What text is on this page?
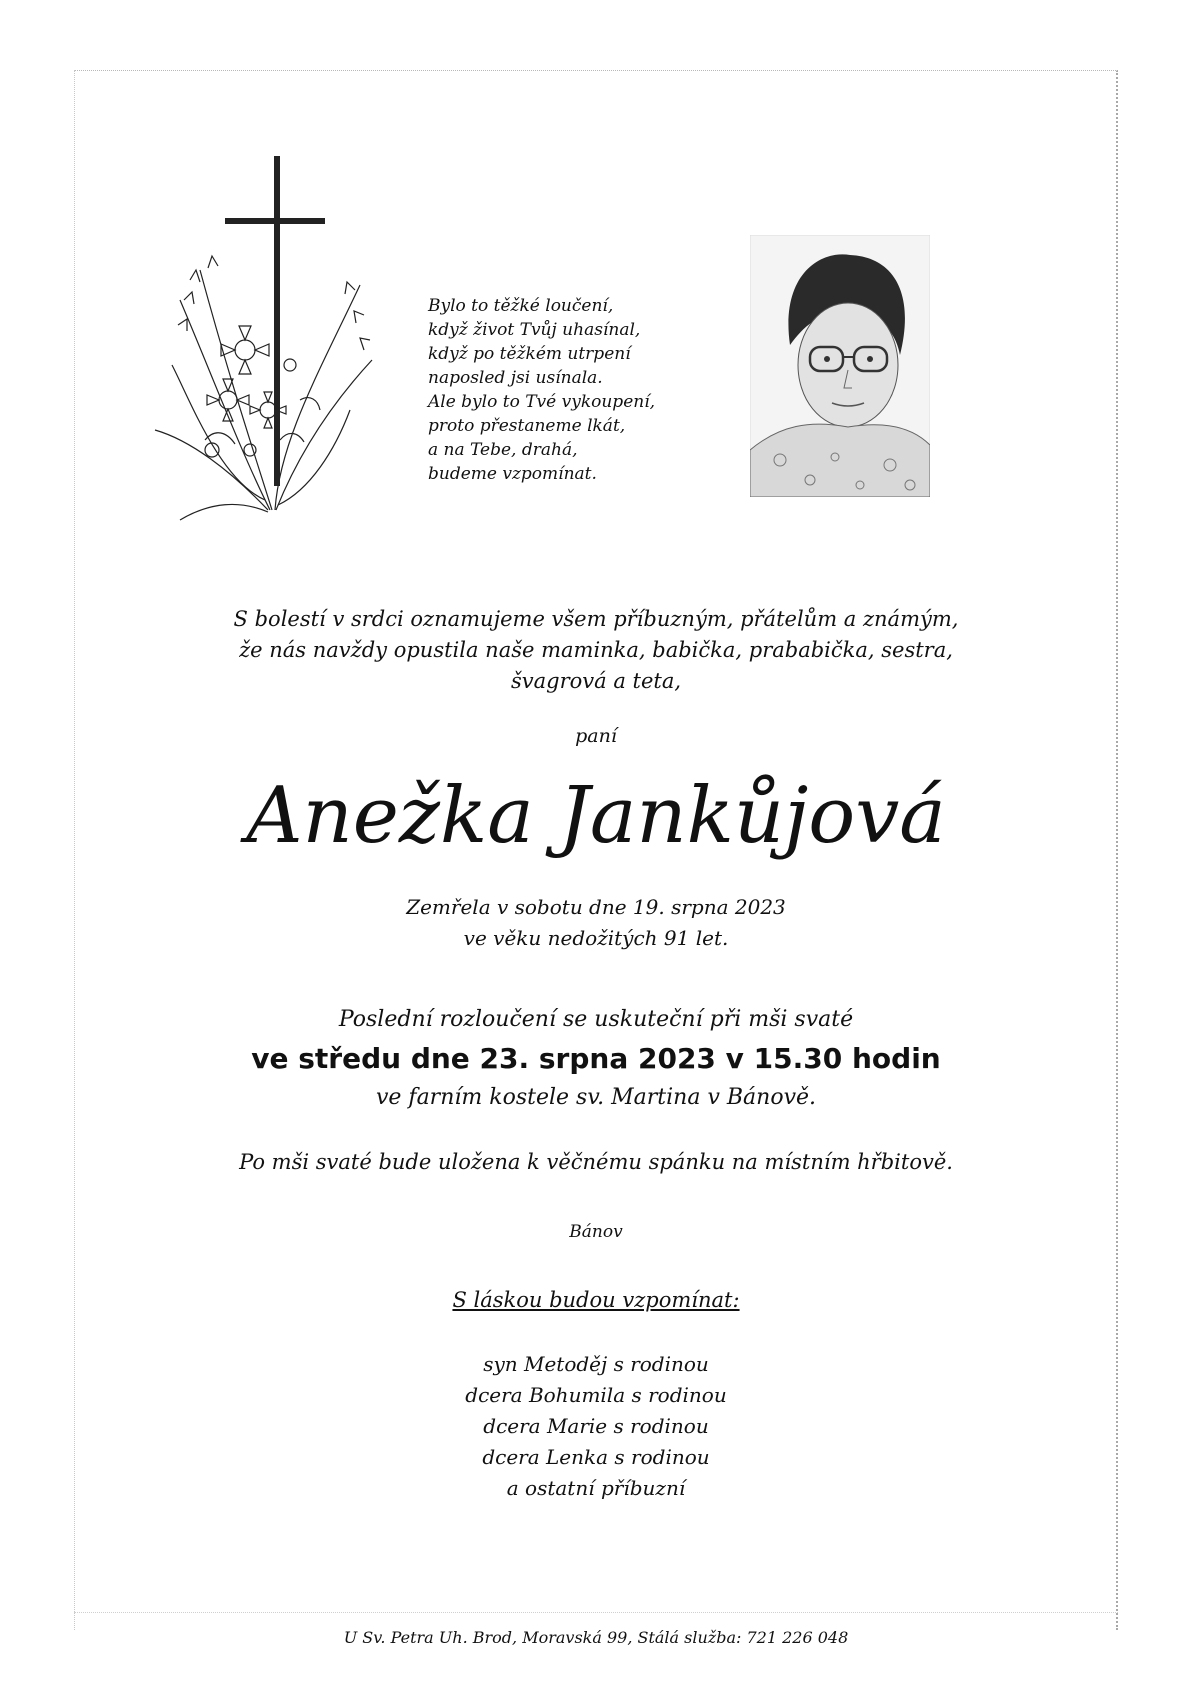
Bylo to těžké loučení,
když život Tvůj uhasínal,
když po těžkém utrpení
naposled jsi usínala.
Ale bylo to Tvé vykoupení,
proto přestaneme lkát,
a na Tebe, drahá,
budeme vzpomínat.
S bolestí v srdci oznamujeme všem příbuzným, přátelům a známým,
že nás navždy opustila naše maminka, babička, prababička, sestra,
švagrová a teta,
paní
Anežka Jankůjová
Zemřela v sobotu dne 19. srpna 2023
ve věku nedožitých 91 let.
Poslední rozloučení se uskuteční při mši svaté
ve středu dne 23. srpna 2023 v 15.30 hodin
ve farním kostele sv. Martina v Bánově.
Po mši svaté bude uložena k věčnému spánku na místním hřbitově.
Bánov
S láskou budou vzpomínat:
syn Metoděj s rodinou
dcera Bohumila s rodinou
dcera Marie s rodinou
dcera Lenka s rodinou
a ostatní příbuzní
U Sv. Petra Uh. Brod, Moravská 99, Stálá služba: 721 226 048
